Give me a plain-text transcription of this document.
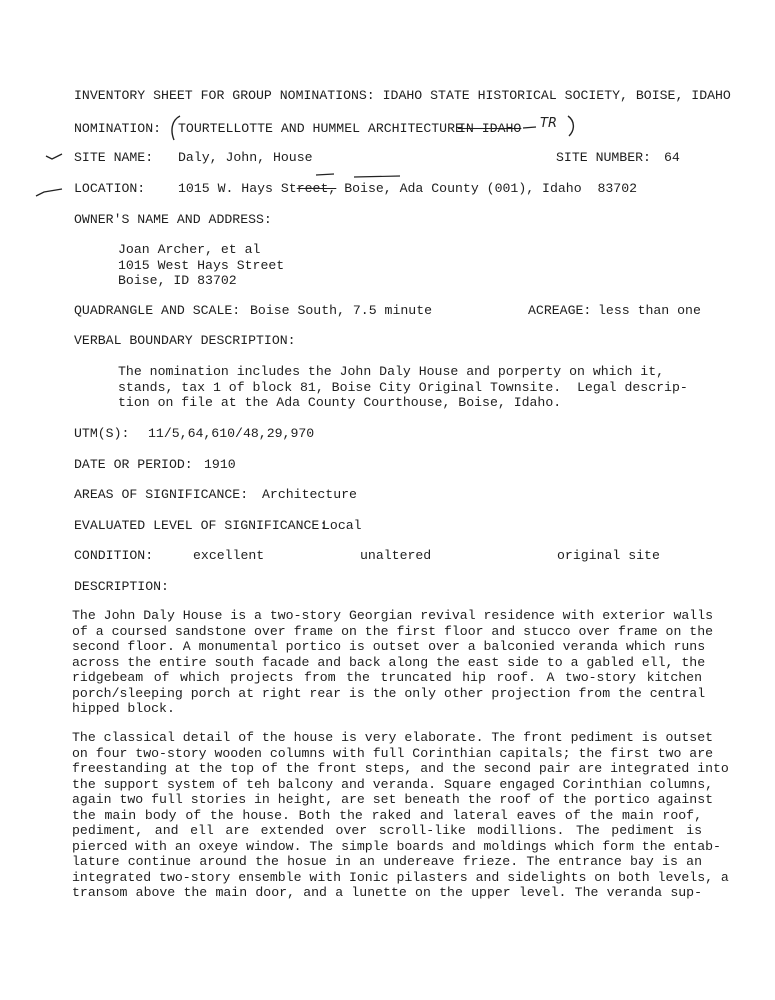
INVENTORY SHEET FOR GROUP NOMINATIONS: IDAHO STATE HISTORICAL SOCIETY, BOISE, IDAHO
NOMINATION: TOURTELLOTTE AND HUMMEL ARCHITECTURE
IN IDAHO TR
SITE NAME: Daly, John, House	SITE NUMBER: 64
LOCATION: 1015 W. Hays Street, Boise, Ada County (001), Idaho  83702
OWNER'S NAME AND ADDRESS:
Joan Archer, et al
1015 West Hays Street
Boise, ID 83702
QUADRANGLE AND SCALE: Boise South, 7.5 minute	ACREAGE: less than one
VERBAL BOUNDARY DESCRIPTION:
The nomination includes the John Daly House and porperty on which it,
stands, tax 1 of block 81, Boise City Original Townsite.  Legal descrip-
tion on file at the Ada County Courthouse, Boise, Idaho.
UTM(S): 11/5,64,610/48,29,970
DATE OR PERIOD: 1910
AREAS OF SIGNIFICANCE: Architecture
EVALUATED LEVEL OF SIGNIFICANCE:
Local
CONDITION:	excellent	unaltered	original site
DESCRIPTION:
The John Daly House is a two-story Georgian revival residence with exterior walls
of a coursed sandstone over frame on the first floor and stucco over frame on the
second floor. A monumental portico is outset over a balconied veranda which runs
across the entire south facade and back along the east side to a gabled ell, the
ridgebeam of which projects from the truncated hip roof. A two-story kitchen
porch/sleeping porch at right rear is the only other projection from the central
hipped block.
The classical detail of the house is very elaborate. The front pediment is outset
on four two-story wooden columns with full Corinthian capitals; the first two are
freestanding at the top of the front steps, and the second pair are integrated into
the support system of teh balcony and veranda. Square engaged Corinthian columns,
again two full stories in height, are set beneath the roof of the portico against
the main body of the house. Both the raked and lateral eaves of the main roof,
pediment, and ell are extended over scroll-like modillions. The pediment is
pierced with an oxeye window. The simple boards and moldings which form the entab-
lature continue around the hosue in an undereave frieze. The entrance bay is an
integrated two-story ensemble with Ionic pilasters and sidelights on both levels, a
transom above the main door, and a lunette on the upper level. The veranda sup-
